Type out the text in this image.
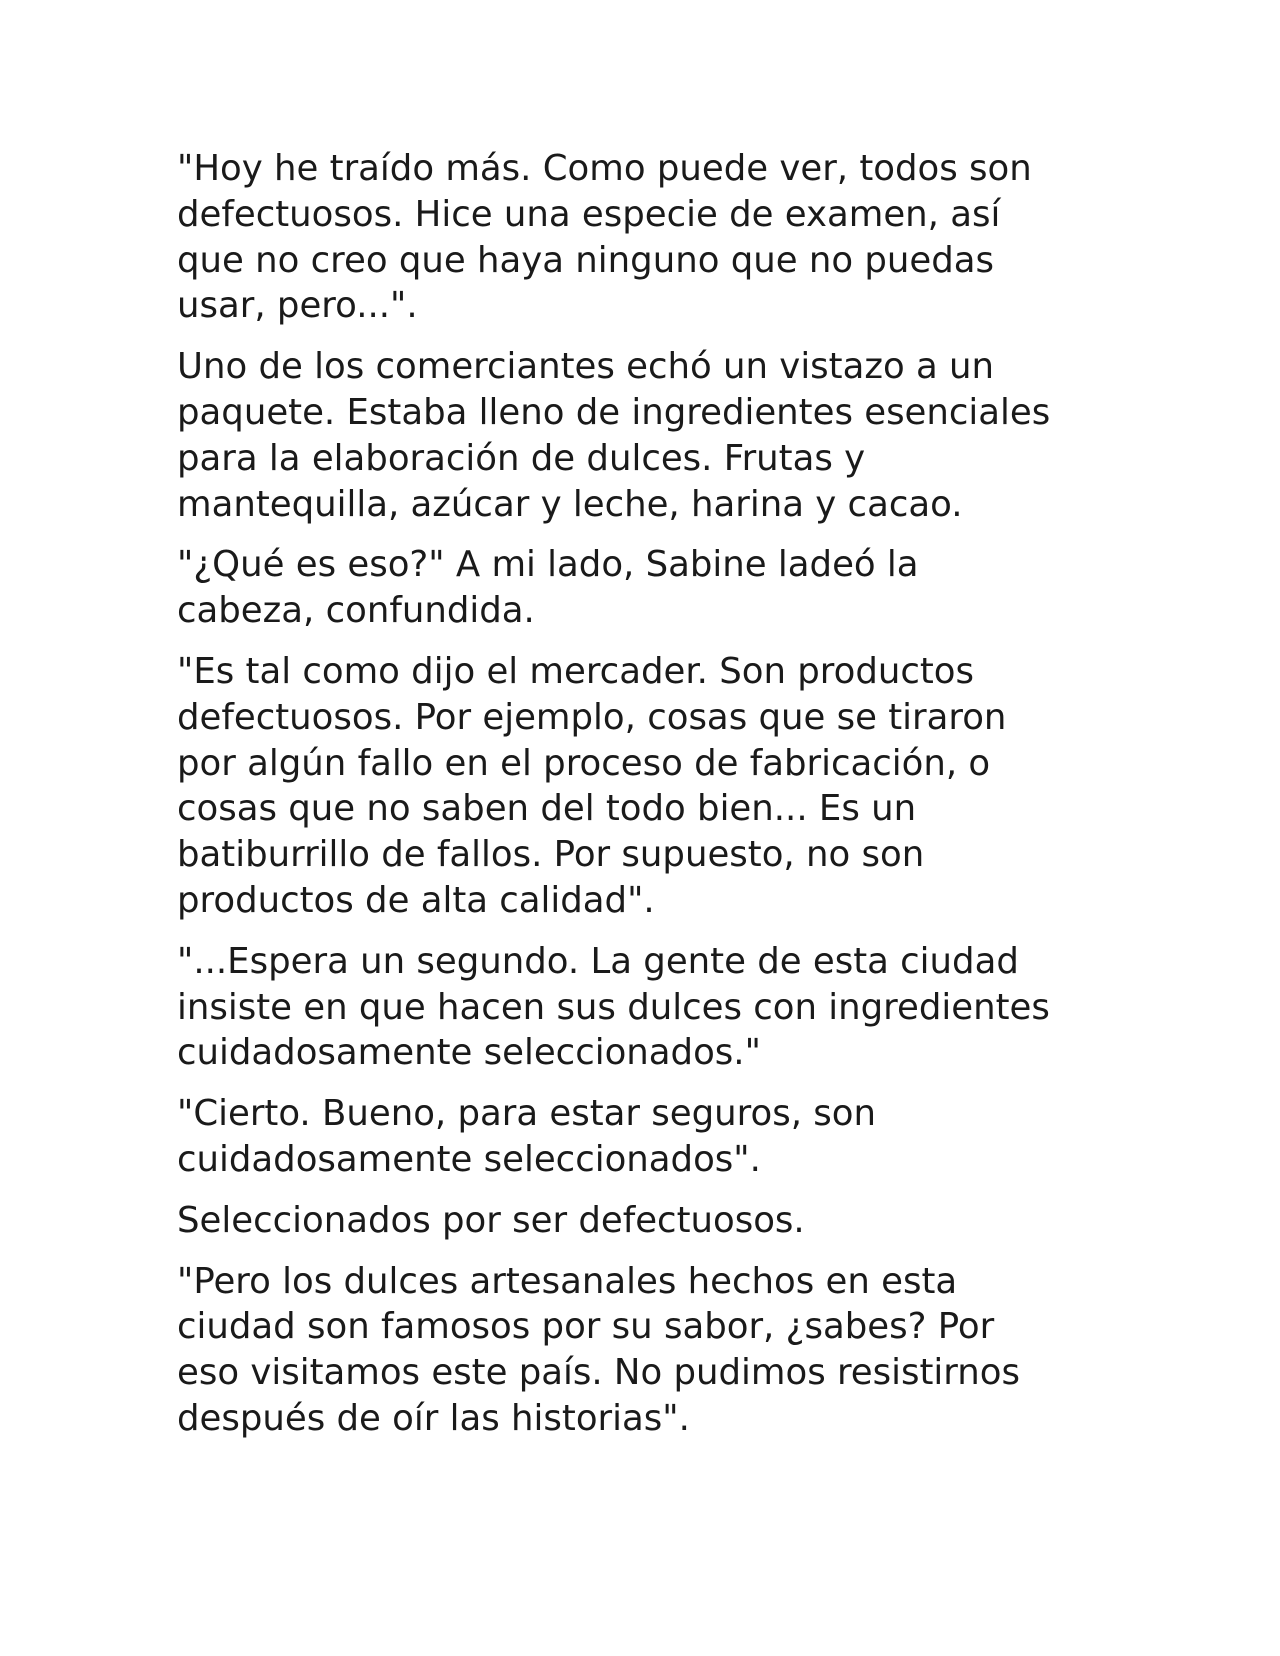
"Hoy he traído más. Como puede ver, todos son
defectuosos. Hice una especie de examen, así
que no creo que haya ninguno que no puedas
usar, pero...".

Uno de los comerciantes echó un vistazo a un
paquete. Estaba lleno de ingredientes esenciales
para la elaboración de dulces. Frutas y
mantequilla, azúcar y leche, harina y cacao.

"¿Qué es eso?" A mi lado, Sabine ladeó la
cabeza, confundida.

"Es tal como dijo el mercader. Son productos
defectuosos. Por ejemplo, cosas que se tiraron
por algún fallo en el proceso de fabricación, o
cosas que no saben del todo bien... Es un
batiburrillo de fallos. Por supuesto, no son
productos de alta calidad".

"...Espera un segundo. La gente de esta ciudad
insiste en que hacen sus dulces con ingredientes
cuidadosamente seleccionados."

"Cierto. Bueno, para estar seguros, son
cuidadosamente seleccionados".

Seleccionados por ser defectuosos.

"Pero los dulces artesanales hechos en esta
ciudad son famosos por su sabor, ¿sabes? Por
eso visitamos este país. No pudimos resistirnos
después de oír las historias".
